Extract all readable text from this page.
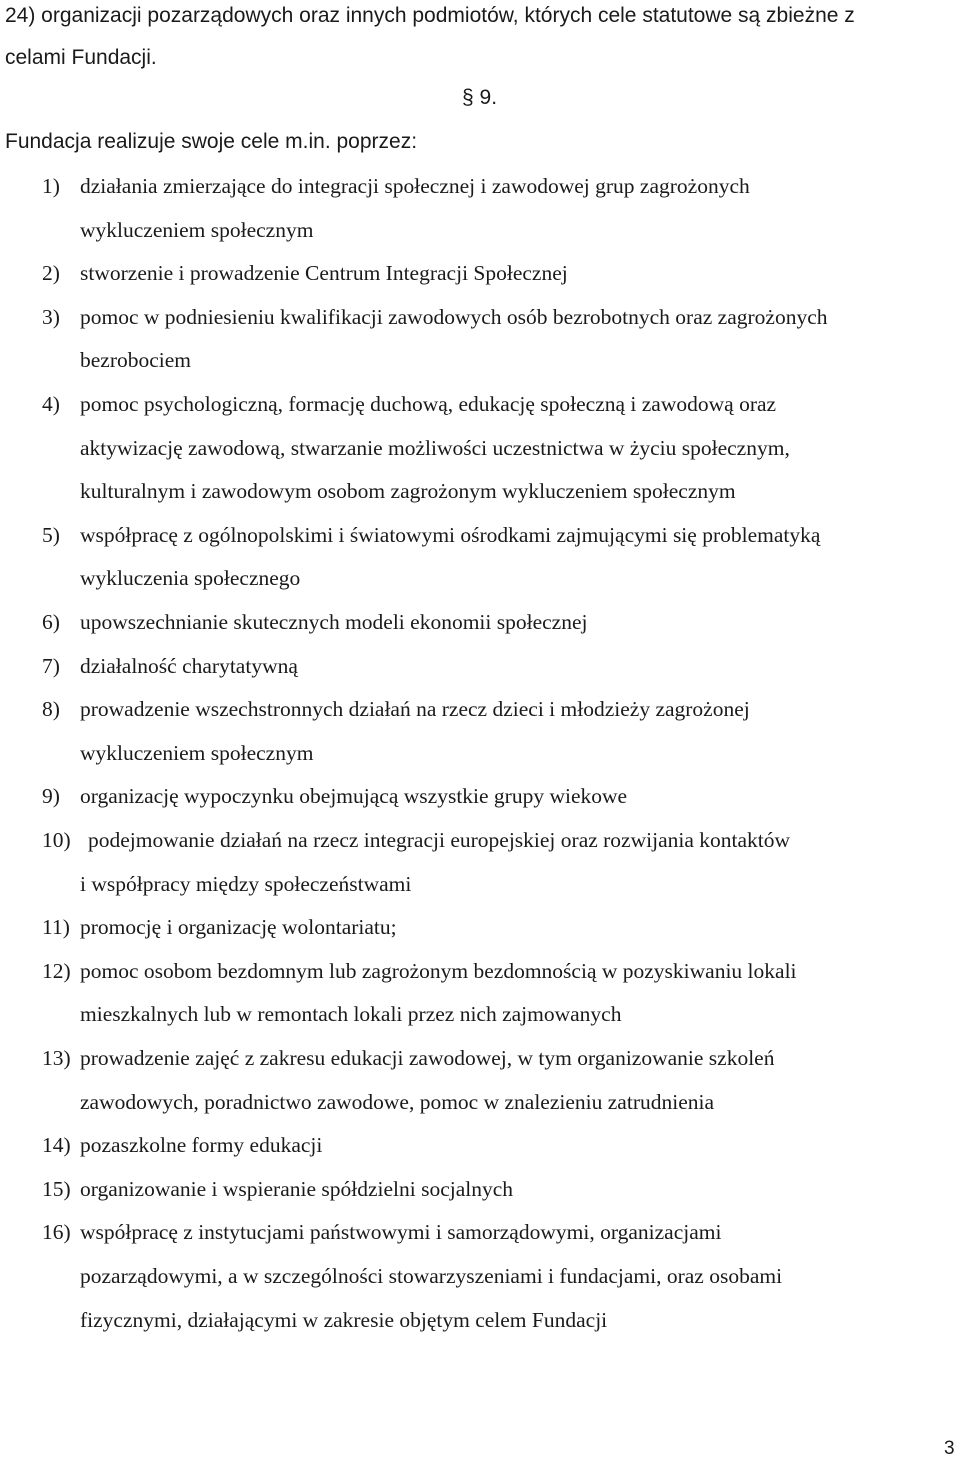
24) organizacji pozarządowych oraz innych podmiotów, których cele statutowe są zbieżne z
celami Fundacji.
§ 9.
Fundacja realizuje swoje cele m.in. poprzez:
1) działania zmierzające do integracji społecznej i zawodowej grup zagrożonych
wykluczeniem społecznym
2) stworzenie i prowadzenie Centrum Integracji Społecznej
3) pomoc w podniesieniu kwalifikacji zawodowych osób bezrobotnych oraz zagrożonych
bezrobociem
4) pomoc psychologiczną, formację duchową, edukację społeczną i zawodową oraz
aktywizację zawodową, stwarzanie możliwości uczestnictwa w życiu społecznym,
kulturalnym i zawodowym osobom zagrożonym wykluczeniem społecznym
5) współpracę z ogólnopolskimi i światowymi ośrodkami zajmującymi się problematyką
wykluczenia społecznego
6) upowszechnianie skutecznych modeli ekonomii społecznej
7) działalność charytatywną
8) prowadzenie wszechstronnych działań na rzecz dzieci i młodzieży zagrożonej
wykluczeniem społecznym
9) organizację wypoczynku obejmującą wszystkie grupy wiekowe
10) podejmowanie działań na rzecz integracji europejskiej oraz rozwijania kontaktów
i współpracy między społeczeństwami
11) promocję i organizację wolontariatu;
12) pomoc osobom bezdomnym lub zagrożonym bezdomnością w pozyskiwaniu lokali
mieszkalnych lub w remontach lokali przez nich zajmowanych
13) prowadzenie zajęć z zakresu edukacji zawodowej, w tym organizowanie szkoleń
zawodowych, poradnictwo zawodowe, pomoc w znalezieniu zatrudnienia
14) pozaszkolne formy edukacji
15) organizowanie i wspieranie spółdzielni socjalnych
16) współpracę z instytucjami państwowymi i samorządowymi, organizacjami
pozarządowymi, a w szczególności stowarzyszeniami i fundacjami, oraz osobami
fizycznymi, działającymi w zakresie objętym celem Fundacji
3
